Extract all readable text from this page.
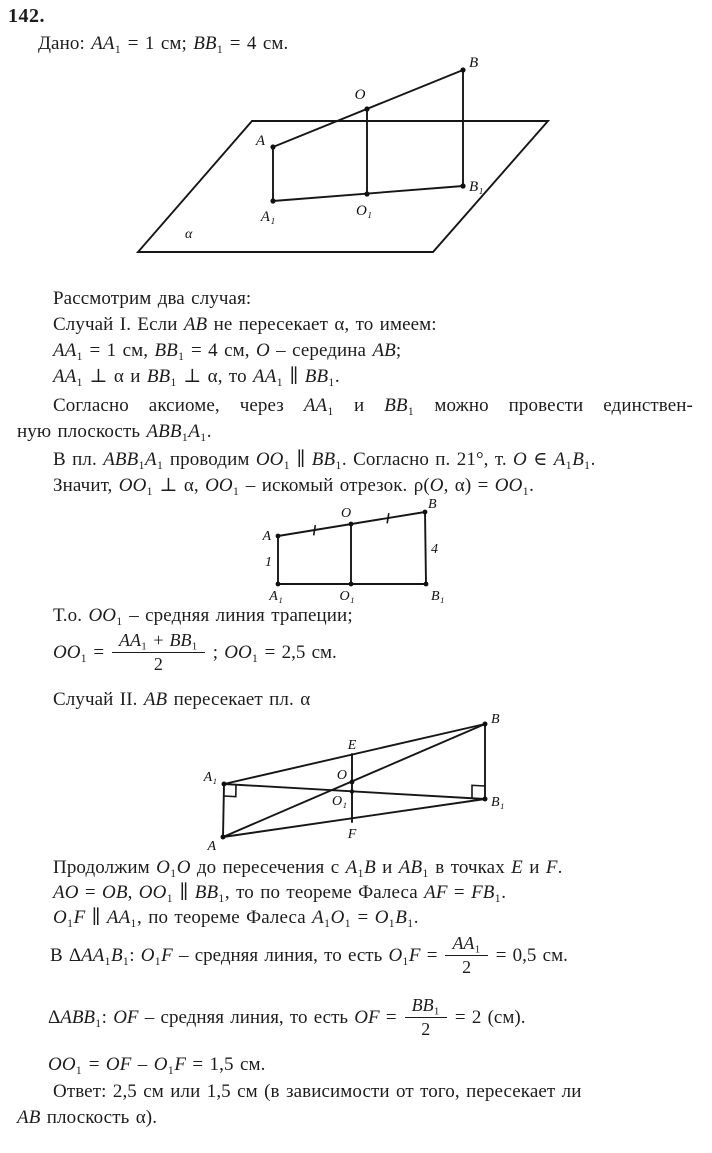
142.
Дано: AA₁ = 1 см; BB₁ = 4 см.
B
O
A
A₁	O₁
B₁
α
Рассмотрим два случая:
Случай I. Если AB не пересекает α, то имеем:
AA₁ = 1 см, BB₁ = 4 см, O – середина AB;
AA₁ ⊥ α и BB₁ ⊥ α, то AA₁ ∥ BB₁.
Согласно аксиоме, через AA₁ и BB₁ можно провести единствен-
ную плоскость ABB₁A₁.
В пл. ABB₁A₁ проводим OO₁ ∥ BB₁. Согласно п. 21°, т. O ∈ A₁B₁.
Значит, OO₁ ⊥ α, OO₁ – искомый отрезок. ρ(O, α) = OO₁.
A
A₁
O
O₁
B
B₁
1
4
Т.о. OO₁ – средняя линия трапеции;
$OO_1 = \frac{\text{AA₁ + BB₁}}{2}$ ; OO₁ = 2,5 см.
Случай II. AB пересекает пл. α
A₁
A
B
B₁
E
O
O₁
F
Продолжим O₁O до пересечения с A₁B и AB₁ в точках E и F.
AO = OB, OO₁ ∥ BB₁, то по теореме Фалеса AF = FB₁.
O₁F ∥ AA₁, по теореме Фалеса A₁O₁ = O₁B₁.
В ΔAA₁B₁: O₁F – средняя линия, то есть $O_1F = \frac{\text{AA₁}}{2} = 0,5$ см.
ΔABB₁: OF – средняя линия, то есть OF = $\frac{\text{BB₁}}{2} = 2$ (см).
OO₁ = OF – O₁F = 1,5 см.
Ответ: 2,5 см или 1,5 см (в зависимости от того, пересекает ли
AB плоскость α).
